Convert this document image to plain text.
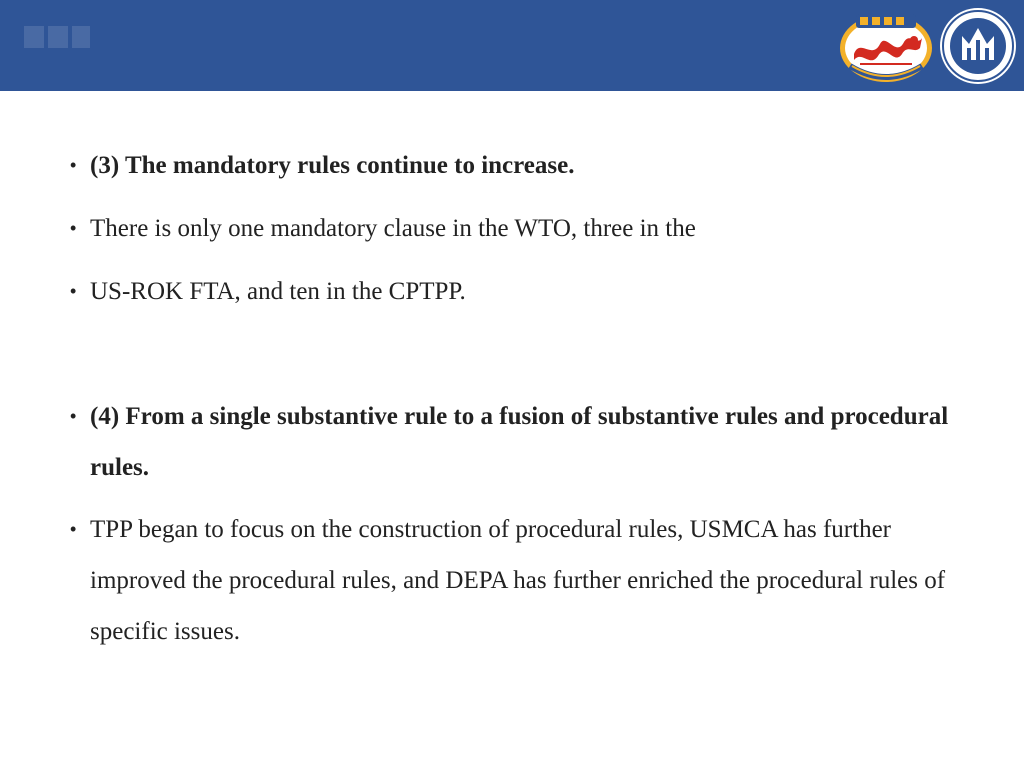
• (3) The mandatory rules continue to increase.
• There is only one mandatory clause in the WTO, three in the
• US-ROK FTA, and ten in the CPTPP.
• (4) From a single substantive rule to a fusion of substantive rules and procedural rules.
• TPP began to focus on the construction of procedural rules, USMCA has further improved the procedural rules, and DEPA has further enriched the procedural rules of specific issues.
